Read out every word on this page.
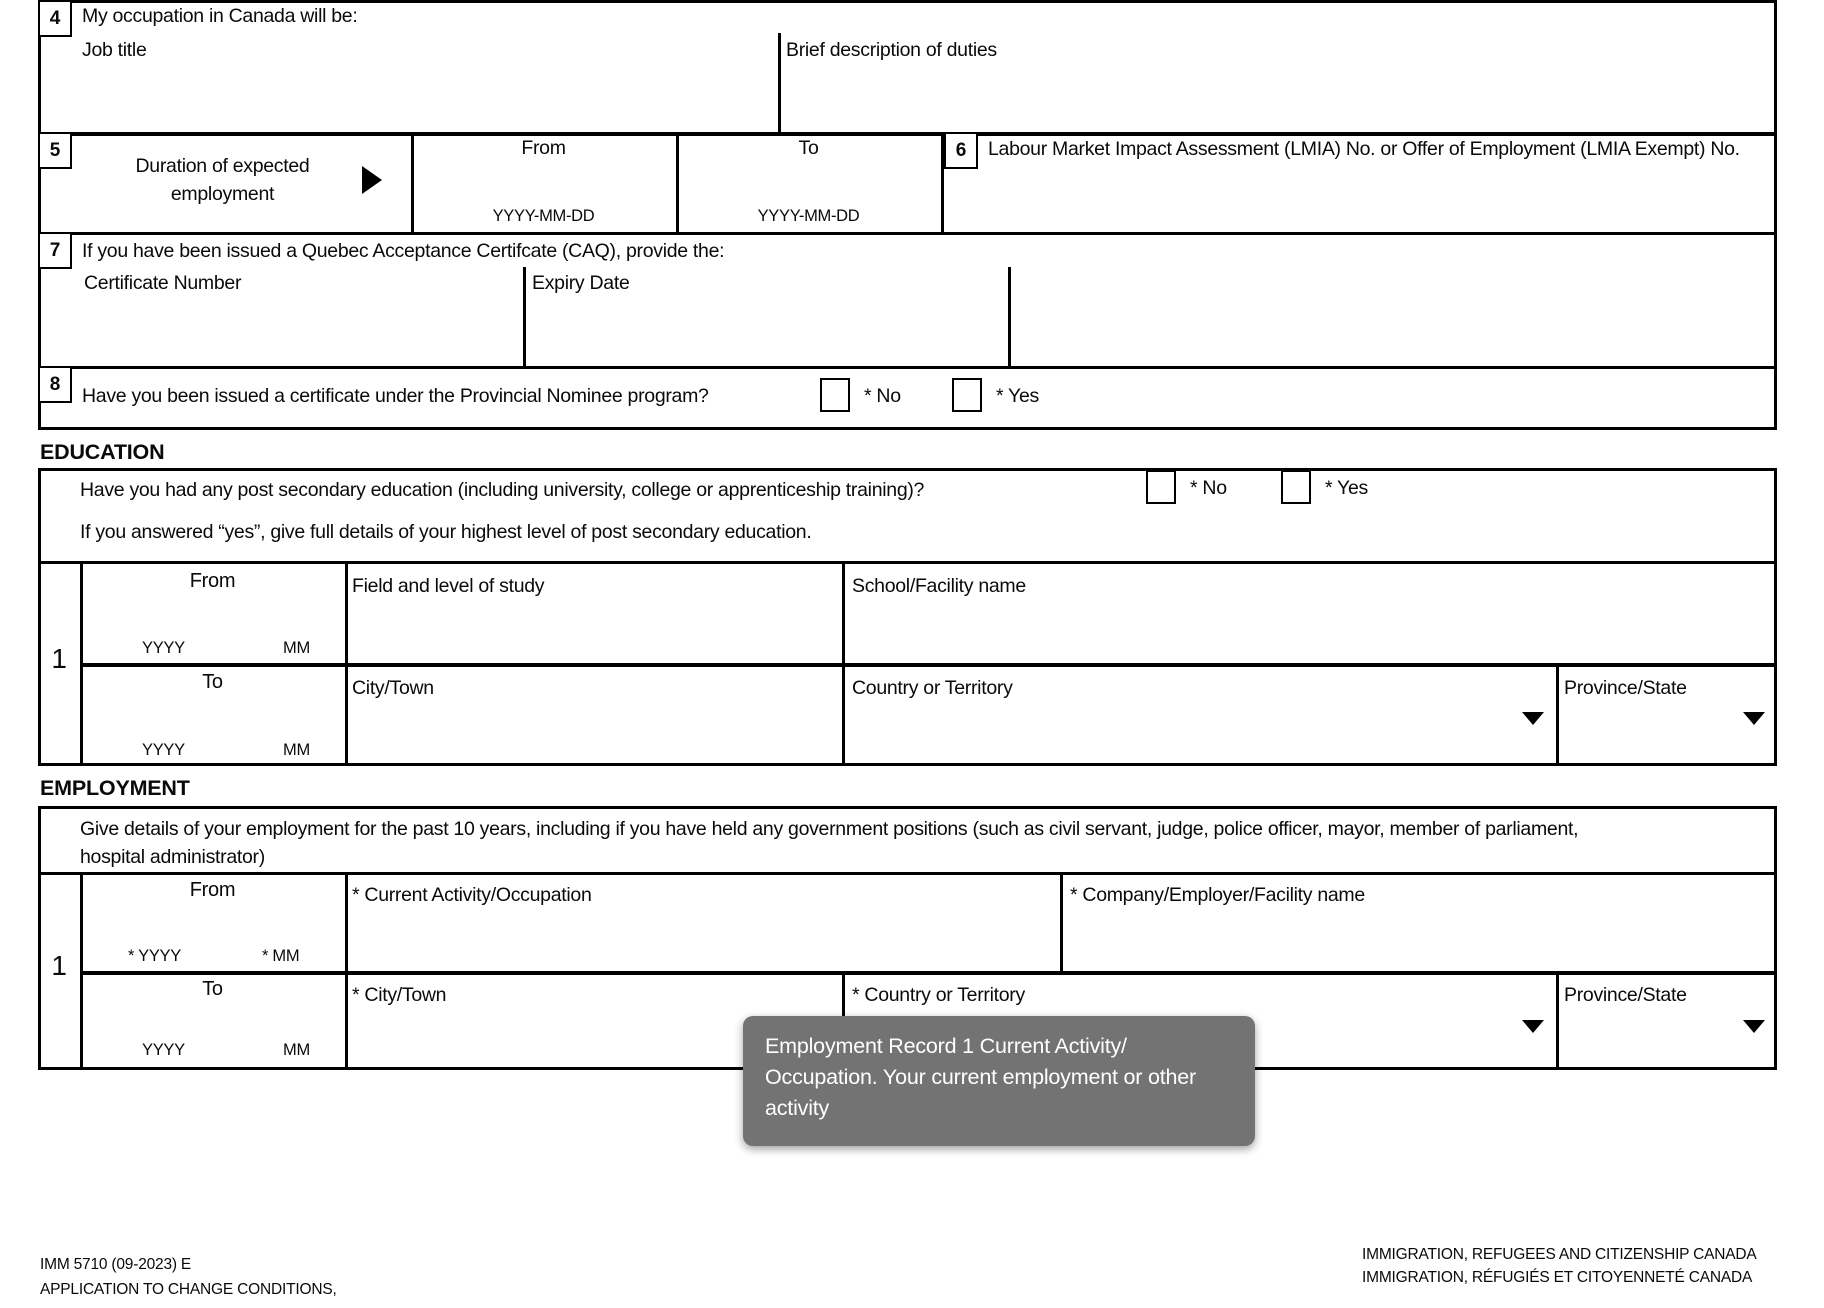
4 My occupation in Canada will be:
Job title	Brief description of duties
5
Duration of expected employment
From
YYYY-MM-DD
To
YYYY-MM-DD
6 Labour Market Impact Assessment (LMIA) No. or Offer of Employment (LMIA Exempt) No.
7 If you have been issued a Quebec Acceptance Certifcate (CAQ), provide the:
Certificate Number	Expiry Date
8
Have you been issued a certificate under the Provincial Nominee program?	* No	* Yes
EDUCATION
Have you had any post secondary education (including university, college or apprenticeship training)?	* No	* Yes
If you answered “yes”, give full details of your highest level of post secondary education.
1
From
YYYY	MM
Field and level of study	School/Facility name
To
YYYY	MM
City/Town	Country or Territory	Province/State
EMPLOYMENT
Give details of your employment for the past 10 years, including if you have held any government positions (such as civil servant, judge, police officer, mayor, member of parliament,
hospital administrator)
1
From
* YYYY	* MM
* Current Activity/Occupation	* Company/Employer/Facility name
To
YYYY	MM
* City/Town	* Country or Territory	Province/State
Employment Record 1 Current Activity/
Occupation. Your current employment or other
activity
IMM 5710 (09-2023) E
APPLICATION TO CHANGE CONDITIONS,
IMMIGRATION, REFUGEES AND CITIZENSHIP CANADA
IMMIGRATION, RÉFUGIÉS ET CITOYENNETÉ CANADA
